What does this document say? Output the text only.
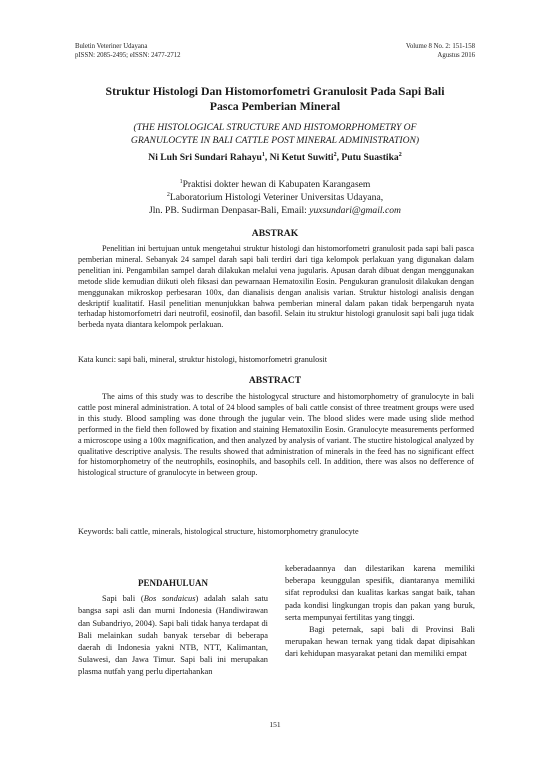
Buletin Veteriner Udayana
pISSN: 2085-2495; eISSN: 2477-2712
Volume 8 No. 2: 151-158
Agustus 2016
Struktur Histologi Dan Histomorfometri Granulosit Pada Sapi Bali
Pasca Pemberian Mineral
(THE HISTOLOGICAL STRUCTURE AND HISTOMORPHOMETRY OF
GRANULOCYTE IN BALI CATTLE POST MINERAL ADMINISTRATION)
Ni Luh Sri Sundari Rahayu$^1$, Ni Ketut Suwiti$^2$, Putu Suastika$^2$
$^1$Praktisi dokter hewan di Kabupaten Karangasem
$^2$Laboratorium Histologi Veteriner Universitas Udayana,
Jln. PB. Sudirman Denpasar-Bali, Email: yuxsundari@gmail.com
ABSTRAK

Penelitian ini bertujuan untuk mengetahui struktur histologi dan histomorfometri granulosit pada sapi bali pasca pemberian mineral. Sebanyak 24 sampel darah sapi bali terdiri dari tiga kelompok perlakuan yang digunakan dalam penelitian ini. Pengambilan sampel darah dilakukan melalui vena jugularis. Apusan darah dibuat dengan menggunakan metode slide kemudian diikuti oleh fiksasi dan pewarnaan Hematoxilin Eosin. Pengukuran granulosit dilakukan dengan menggunakan mikroskop perbesaran 100x, dan dianalisis dengan analisis varian. Struktur histologi analisis dengan deskriptif kualitatif. Hasil penelitian menunjukkan bahwa pemberian mineral dalam pakan tidak berpengaruh nyata terhadap histomorfometri dari neutrofil, eosinofil, dan basofil. Selain itu struktur histologi granulosit sapi bali juga tidak berbeda nyata diantara kelompok perlakuan.

Kata kunci: sapi bali, mineral, struktur histologi, histomorfometri granulosit

ABSTRACT

The aims of this study was to describe the histologycal structure and histomorphometry of granulocyte in bali cattle post mineral administration. A total of 24 blood samples of bali cattle consist of three treatment groups were used in this study. Blood sampling was done through the jugular vein. The blood slides were made using slide method performed in the field then followed by fixation and staining Hematoxilin Eosin. Granulocyte measurements performed a microscope using a 100x magnification, and then analyzed by analysis of variant. The stuctire histological analyzed by qualitative descriptive analysis. The results showed that administration of minerals in the feed has no significant effect for histomorphometry of the neutrophils, eosinophils, and basophils cell. In addition, there was alsos no defference of histological structure of granulocyte in between group.

Keywords: bali cattle, minerals, histological structure, histomorphometry granulocyte

PENDAHULUAN

Sapi bali (Bos sondaicus) adalah salah satu bangsa sapi asli dan murni Indonesia (Handiwirawan dan Subandriyo, 2004). Sapi bali tidak hanya terdapat di Bali melainkan sudah banyak tersebar di beberapa daerah di Indonesia yakni NTB, NTT, Kalimantan, Sulawesi, dan Jawa Timur. Sapi bali ini merupakan plasma nutfah yang perlu dipertahankan

keberadaannya dan dilestarikan karena memiliki beberapa keunggulan spesifik, diantaranya memiliki sifat reproduksi dan kualitas karkas sangat baik, tahan pada kondisi lingkungan tropis dan pakan yang buruk, serta mempunyai fertilitas yang tinggi.

Bagi peternak, sapi bali di Provinsi Bali merupakan hewan ternak yang tidak dapat dipisahkan dari kehidupan masyarakat petani dan memiliki empat

151
